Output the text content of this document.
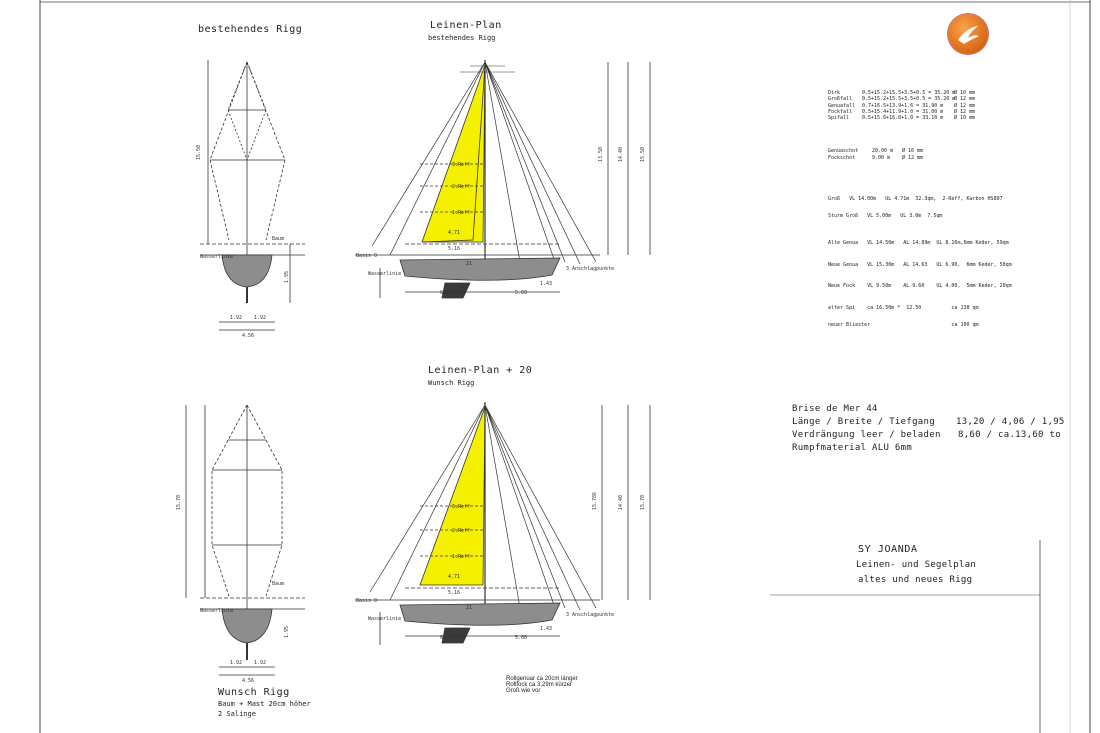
15.50
1.92 1.92
4.56
Wasserlinie
1.95
13.50	14.40	15.50
4.71
5.16
21
3.Reff
2.Reff
1.Reff
Basis 0
Wasserlinie
3 Anschlagpunkte
6.20	5.60
1.43
Baum
15.70
1.92 1.92
4.56
Wasserlinie
1.95
15.786	14.40	15.70
4.71
5.16
21
3.Reff
2.Reff
1.Reff
Basis 0
Wasserlinie
3 Anschlagpunkte
6.20	5.60
1.43
Baum
bestehendes Rigg	Leinen-Plan
bestehendes Rigg
Leinen-Plan + 20
Wunsch Rigg
Wunsch Rigg
Baum + Mast 20cm höher
2 Salinge
Rollgenuar ca 20cm länger
Rollfock ca 3,29m kürzer
Groß wie vor
Dirk	0.5+15.2+15.5+3.5+0.5 = 35.20 mØ 10 mm
Großfall 0.5+15.2+15.5+3.5+0.5 = 35.20 mØ 12 mm
Genuafall 0.7+16.5+13.9+1.6 = 31.90 m Ø 12 mm
Fockfall 0.5+15.4+11.9+1.0 = 31.00 m Ø 12 mm
Spifall	0.5+15.6+16.0+1.0 = 33.10 m Ø 10 mm
Genuaschot	20.00 m Ø 16 mm
Fockschot	9.00 m Ø 12 mm

Groß   VL 14.00m   UL 4.71m  32.3qm,  2-Reff, Karbon HS807

Sturm Groß   VL 5.00m   UL 3.0m  7.5qm

Alte Genua   VL 14.50m   AL 14.89m  UL 8.16m,6mm Keder, 59qm

Neue Genua   VL 15.30m   AL 14.63   UL 6.90,  6mm Keder, 50qm

Neue Fock    VL 9.50m    AL 9.60    UL 4.00,  5mm Keder, 20qm

alter Spi    ca 16.50m *  12.50          ca 138 qm

neuer Bliester                           ca 100 qm

Brise de Mer 44
Länge / Breite / Tiefgang 13,20 / 4,06 / 1,95
Verdrängung leer / beladen 8,60 / ca.13,60 to
Rumpfmaterial ALU 6mm
SY JOANDA
Leinen- und Segelplan
altes und neues Rigg
